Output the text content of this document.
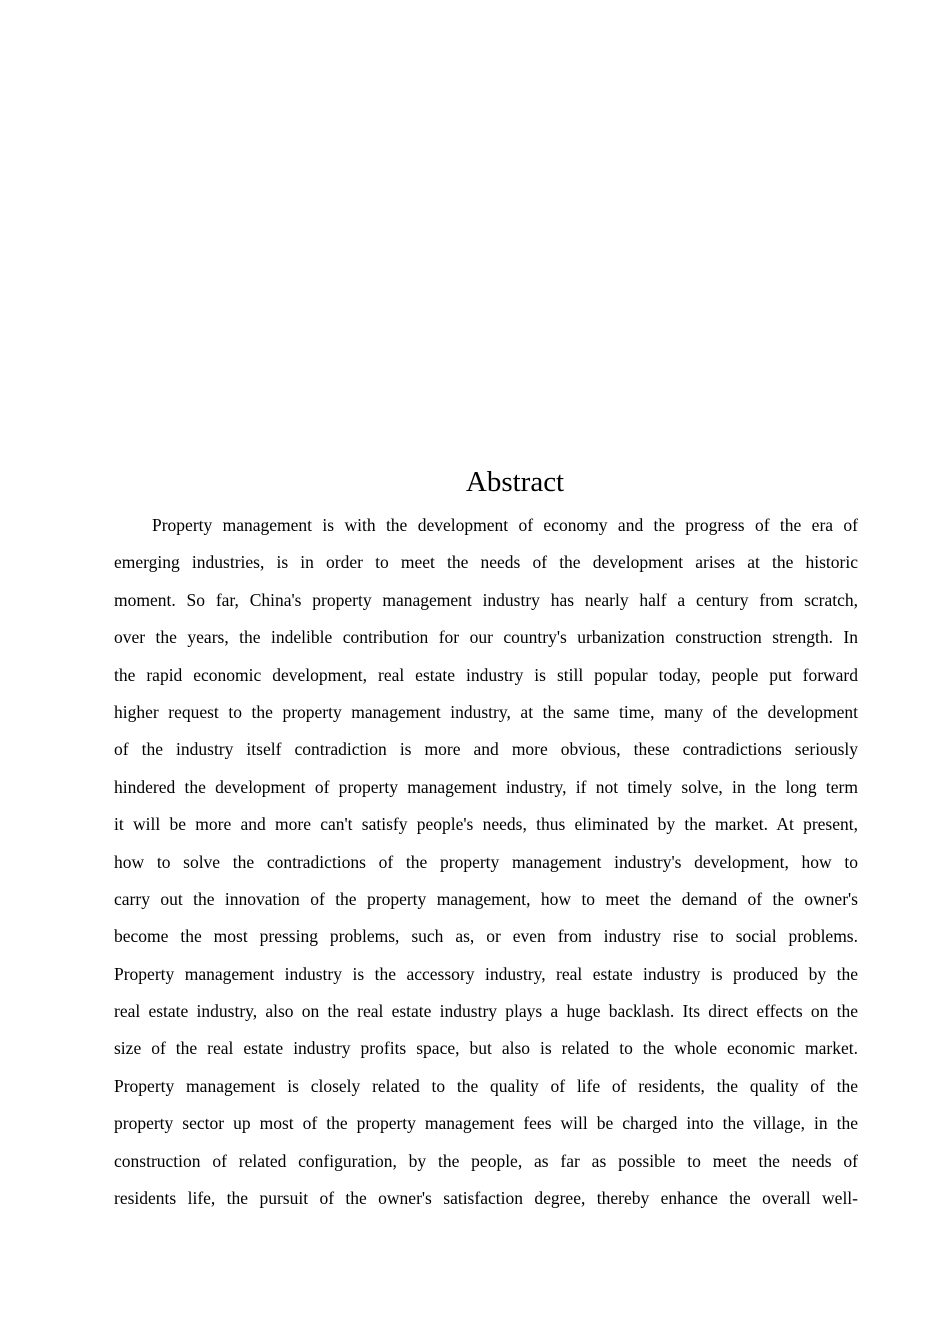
Abstract
Property management is with the development of economy and the progress of the era of
emerging industries, is in order to meet the needs of the development arises at the historic
moment. So far, China's property management industry has nearly half a century from scratch,
over the years, the indelible contribution for our country's urbanization construction strength. In
the rapid economic development, real estate industry is still popular today, people put forward
higher request to the property management industry, at the same time, many of the development
of the industry itself contradiction is more and more obvious, these contradictions seriously
hindered the development of property management industry, if not timely solve, in the long term
it will be more and more can't satisfy people's needs, thus eliminated by the market. At present,
how to solve the contradictions of the property management industry's development, how to
carry out the innovation of the property management, how to meet the demand of the owner's
become the most pressing problems, such as, or even from industry rise to social problems.
Property management industry is the accessory industry, real estate industry is produced by the
real estate industry, also on the real estate industry plays a huge backlash. Its direct effects on the
size of the real estate industry profits space, but also is related to the whole economic market.
Property management is closely related to the quality of life of residents, the quality of the
property sector up most of the property management fees will be charged into the village, in the
construction of related configuration, by the people, as far as possible to meet the needs of
residents life, the pursuit of the owner's satisfaction degree, thereby enhance the overall well-
